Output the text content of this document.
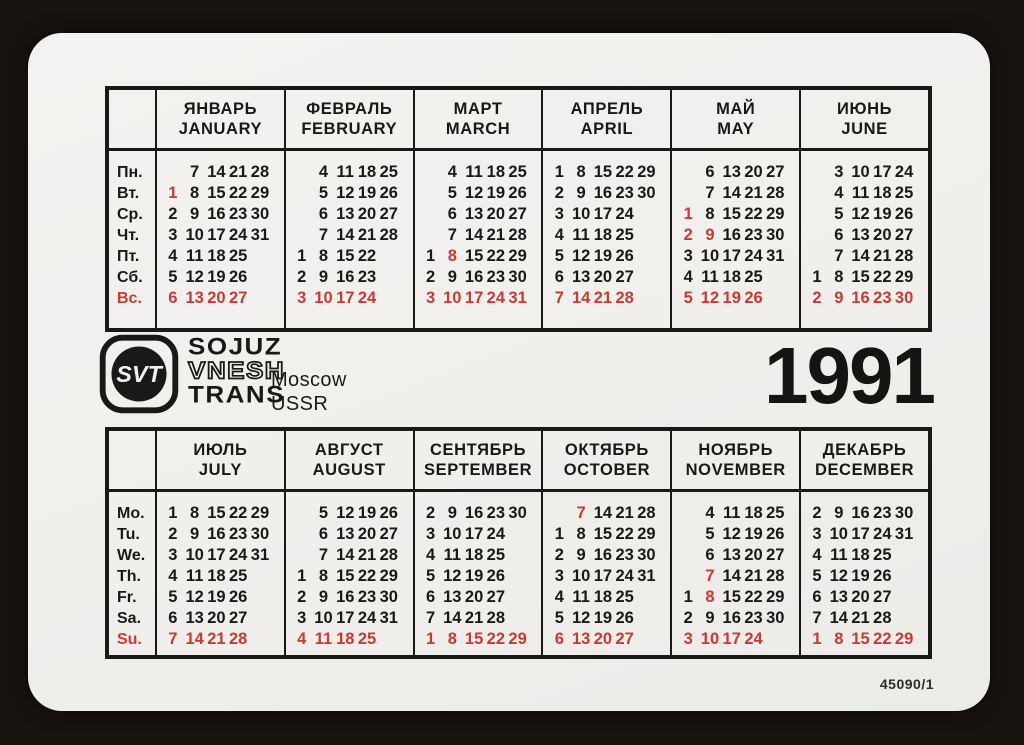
Пн.
Вт.
Ср.
Чт.
Пт.
Сб.
Вс.
ЯНВАРЬ
JANUARY
7 14 21 28
1 8 15 22 29
2 9 16 23 30
3 10 17 24 31
4 11 18 25
5 12 19 26
6 13 20 27
ФЕВРАЛЬ
FEBRUARY
4 11 18 25
5 12 19 26
6 13 20 27
7 14 21 28
1 8 15 22
2 9 16 23
3 10 17 24
МАРТ
MARCH
4 11 18 25
5 12 19 26
6 13 20 27
7 14 21 28
1 8 15 22 29
2 9 16 23 30
3 10 17 24 31
АПРЕЛЬ
APRIL
1 8 15 22 29
2 9 16 23 30
3 10 17 24
4 11 18 25
5 12 19 26
6 13 20 27
7 14 21 28
МАЙ
MAY
6 13 20 27
7 14 21 28
1 8 15 22 29
2 9 16 23 30
3 10 17 24 31
4 11 18 25
5 12 19 26
ИЮНЬ
JUNE
3 10 17 24
4 11 18 25
5 12 19 26
6 13 20 27
7 14 21 28
1 8 15 22 29
2 9 16 23 30
SVT
SOJUZ
VNESH
TRANS
Moscow
USSR	1991
Mo.
Tu.
We.
Th.
Fr.
Sa.
Su.
ИЮЛЬ
JULY
1 8 15 22 29
2 9 16 23 30
3 10 17 24 31
4 11 18 25
5 12 19 26
6 13 20 27
7 14 21 28
АВГУСТ
AUGUST
5 12 19 26
6 13 20 27
7 14 21 28
1 8 15 22 29
2 9 16 23 30
3 10 17 24 31
4 11 18 25
СЕНТЯБРЬ
SEPTEMBER
2 9 16 23 30
3 10 17 24
4 11 18 25
5 12 19 26
6 13 20 27
7 14 21 28
1 8 15 22 29
ОКТЯБРЬ
OCTOBER
7 14 21 28
1 8 15 22 29
2 9 16 23 30
3 10 17 24 31
4 11 18 25
5 12 19 26
6 13 20 27
НОЯБРЬ
NOVEMBER
4 11 18 25
5 12 19 26
6 13 20 27
7 14 21 28
1 8 15 22 29
2 9 16 23 30
3 10 17 24
ДЕКАБРЬ
DECEMBER
2 9 16 23 30
3 10 17 24 31
4 11 18 25
5 12 19 26
6 13 20 27
7 14 21 28
1 8 15 22 29
45090/1
